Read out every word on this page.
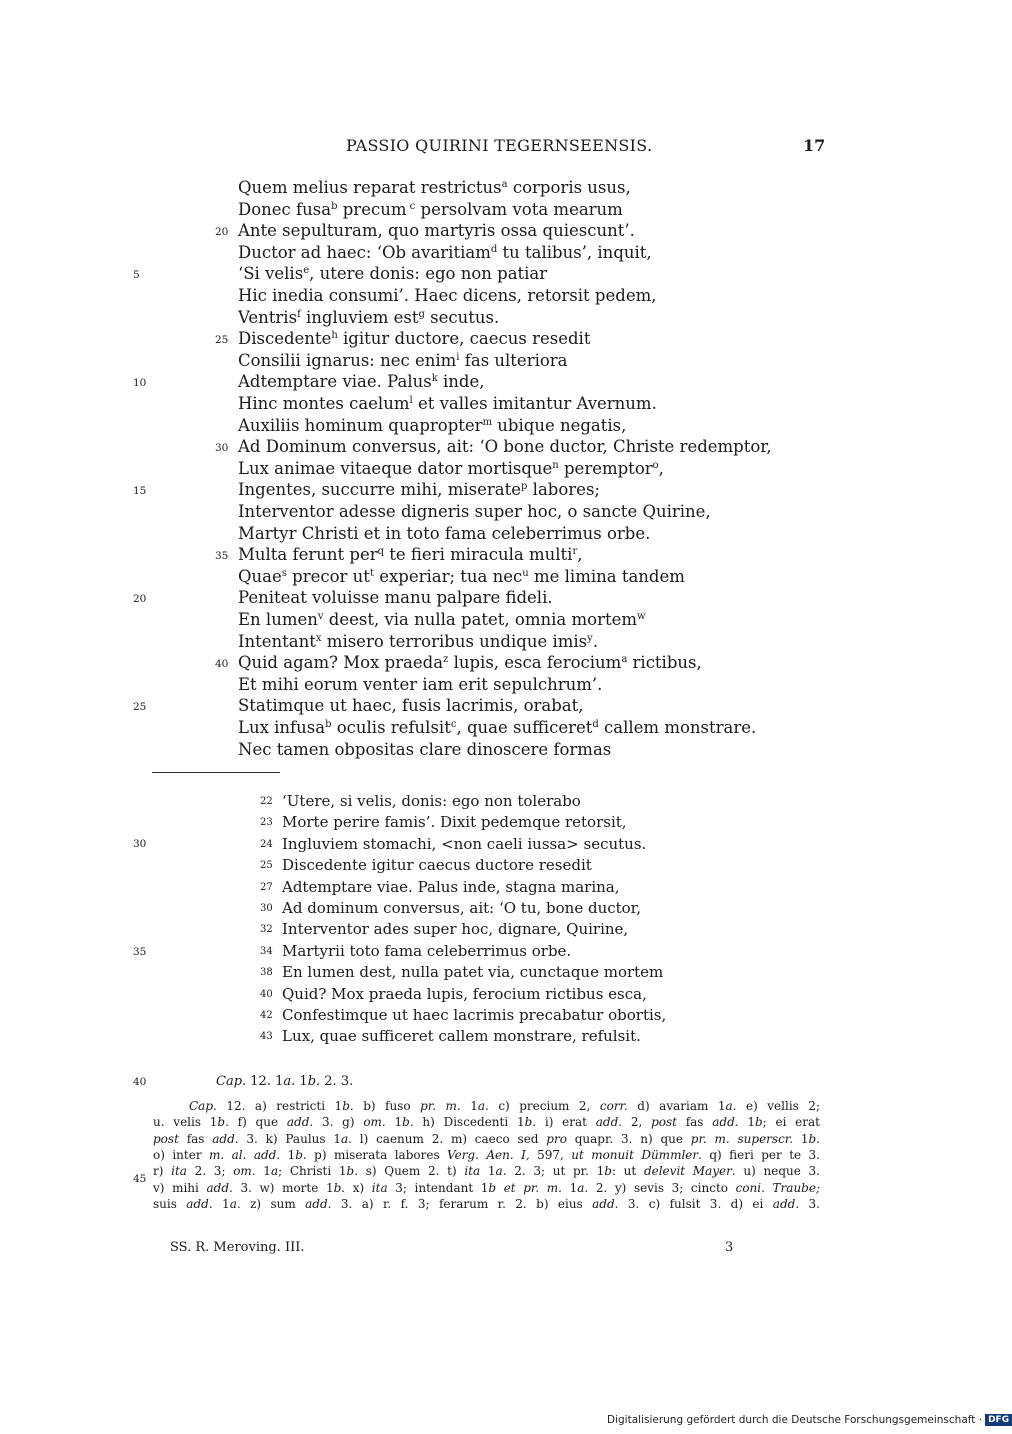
PASSIO QUIRINI TEGERNSEENSIS.	17
Quem melius reparat restrictus$^a$ corporis usus,
Donec fusa$^b$ precum $^c$ persolvam vota mearum
Ante sepulturam, quo martyris ossa quiescunt’.
20
Ductor ad haec: ‘Ob avaritiam$^d$ tu talibus’, inquit,
‘Si velis$^e$, utere donis: ego non patiar
Hic inedia consumi’. Haec dicens, retorsit pedem,
Ventris$^f$ ingluviem est$^g$ secutus.
Discedente$^h$ igitur ductore, caecus resedit
25
Consilii ignarus: nec enim$^i$ fas ulteriora
Adtemptare viae. Palus$^k$ inde,
Hinc montes caelum$^l$ et valles imitantur Avernum.
Auxiliis hominum quapropter$^m$ ubique negatis,
Ad Dominum conversus, ait: ‘O bone ductor, Christe redemptor,
30
Lux animae vitaeque dator mortisque$^n$ peremptor$^o$,
Ingentes, succurre mihi, miserate$^p$ labores;
Interventor adesse digneris super hoc, o sancte Quirine,
Martyr Christi et in toto fama celeberrimus orbe.
Multa ferunt per$^q$ te fieri miracula multi$^r$,
35
Quae$^s$ precor $ut^t$ experiar; tua nec$^u$ me limina tandem
Peniteat voluisse manu palpare fideli.
En lumen$^v$ deest, via nulla patet, omnia mortem$^w$
Intentant$^x$ misero terroribus undique imis$^y$.
Quid agam? Mox praeda$^z$ lupis, esca ferocium$^a$ rictibus,
40
Et mihi eorum venter iam erit sepulchrum’.
Statimque ut haec, fusis lacrimis, orabat,
Lux infusa$^b$ oculis refulsit$^c$, quae sufficeret$^d$ callem monstrare.
Nec tamen obpositas clare dinoscere formas
5
10
15
20
25
22 ‘Utere, si velis, donis: ego non tolerabo
23 Morte perire famis’. Dixit pedemque retorsit,
24 Ingluviem stomachi, <non caeli iussa> secutus.
25 Discedente igitur caecus ductore resedit
27 Adtemptare viae. Palus inde, stagna marina,
30 Ad dominum conversus, ait: ‘O tu, bone ductor,
32 Interventor ades super hoc, dignare, Quirine,
34 Martyrii toto fama celeberrimus orbe.
38 En lumen dest, nulla patet via, cunctaque mortem
40 Quid? Mox praeda lupis, ferocium rictibus esca,
42 Confestimque ut haec lacrimis precabatur obortis,
43 Lux, quae sufficeret callem monstrare, refulsit.
30
35
40
45
Cap. 12. 1a. 1b. 2. 3.
Cap. 12. a) restricti 1b. b) fuso pr. m. 1a. c) precium 2, corr. d) avariam 1a. e) vellis 2;
u. velis 1b. f) que add. 3. g) om. 1b. h) Discedenti 1b. i) erat add. 2, post fas add. 1b; ei erat
post fas add. 3. k) Paulus 1a. l) caenum 2. m) caeco sed pro quapr. 3. n) que pr. m. superscr. 1b.
o) inter m. al. add. 1b. p) miserata labores Verg. Aen. I, 597, ut monuit Dümmler. q) fieri per te 3.
r) ita 2. 3; om. 1a; Christi 1b. s) Quem 2. t) ita 1a. 2. 3; ut pr. 1b: ut delevit Mayer. u) neque 3.
v) mihi add. 3. w) morte 1b. x) ita 3; intendant 1b et pr. m. 1a. 2. y) sevis 3; cincto coni. Traube;
suis add. 1a. z) sum add. 3. a) r. f. 3; ferarum r. 2. b) eius add. 3. c) fulsit 3. d) ei add. 3.
SS. R. Meroving. III.	3
Digitalisierung gefördert durch die Deutsche Forschungsgemeinschaft · DFG
